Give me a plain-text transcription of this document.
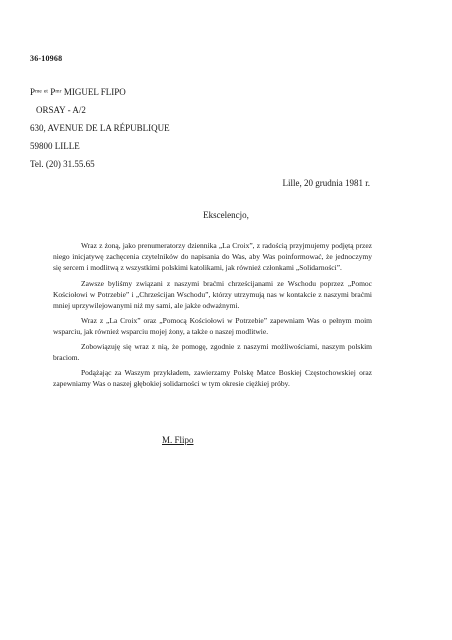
36-10968
Pᵐᵉ ᵉᵗ Pᵐʳ MIGUEL FLIPO
ORSAY - A/2
630, AVENUE DE LA RÉPUBLIQUE
59800 LILLE
Tel. (20) 31.55.65
Lille, 20 grudnia 1981 r.
Ekscelencjo,

Wraz z żoną, jako prenumeratorzy dziennika „La Croix”, z radością przyjmujemy podjętą przez niego inicjatywę zachęcenia czytelników do napisania do Was, aby Was poinformować, że jednoczymy się sercem i modlitwą z wszystkimi polskimi katolikami, jak również członkami „Solidarności”.

Zawsze byliśmy związani z naszymi braćmi chrześcijanami ze Wschodu poprzez „Pomoc Kościołowi w Potrzebie” i „Chrześcijan Wschodu”, którzy utrzymują nas w kontakcie z naszymi braćmi mniej uprzywilejowanymi niż my sami, ale jakże odważnymi.

Wraz z „La Croix” oraz „Pomocą Kościołowi w Potrzebie” zapewniam Was o pełnym moim wsparciu, jak również wsparciu mojej żony, a także o naszej modlitwie.

Zobowiązuję się wraz z nią, że pomogę, zgodnie z naszymi możliwościami, naszym polskim braciom.

Podążając za Waszym przykładem, zawierzamy Polskę Matce Boskiej Częstochowskiej oraz zapewniamy Was o naszej głębokiej solidarności w tym okresie ciężkiej próby.

M. Flipo
